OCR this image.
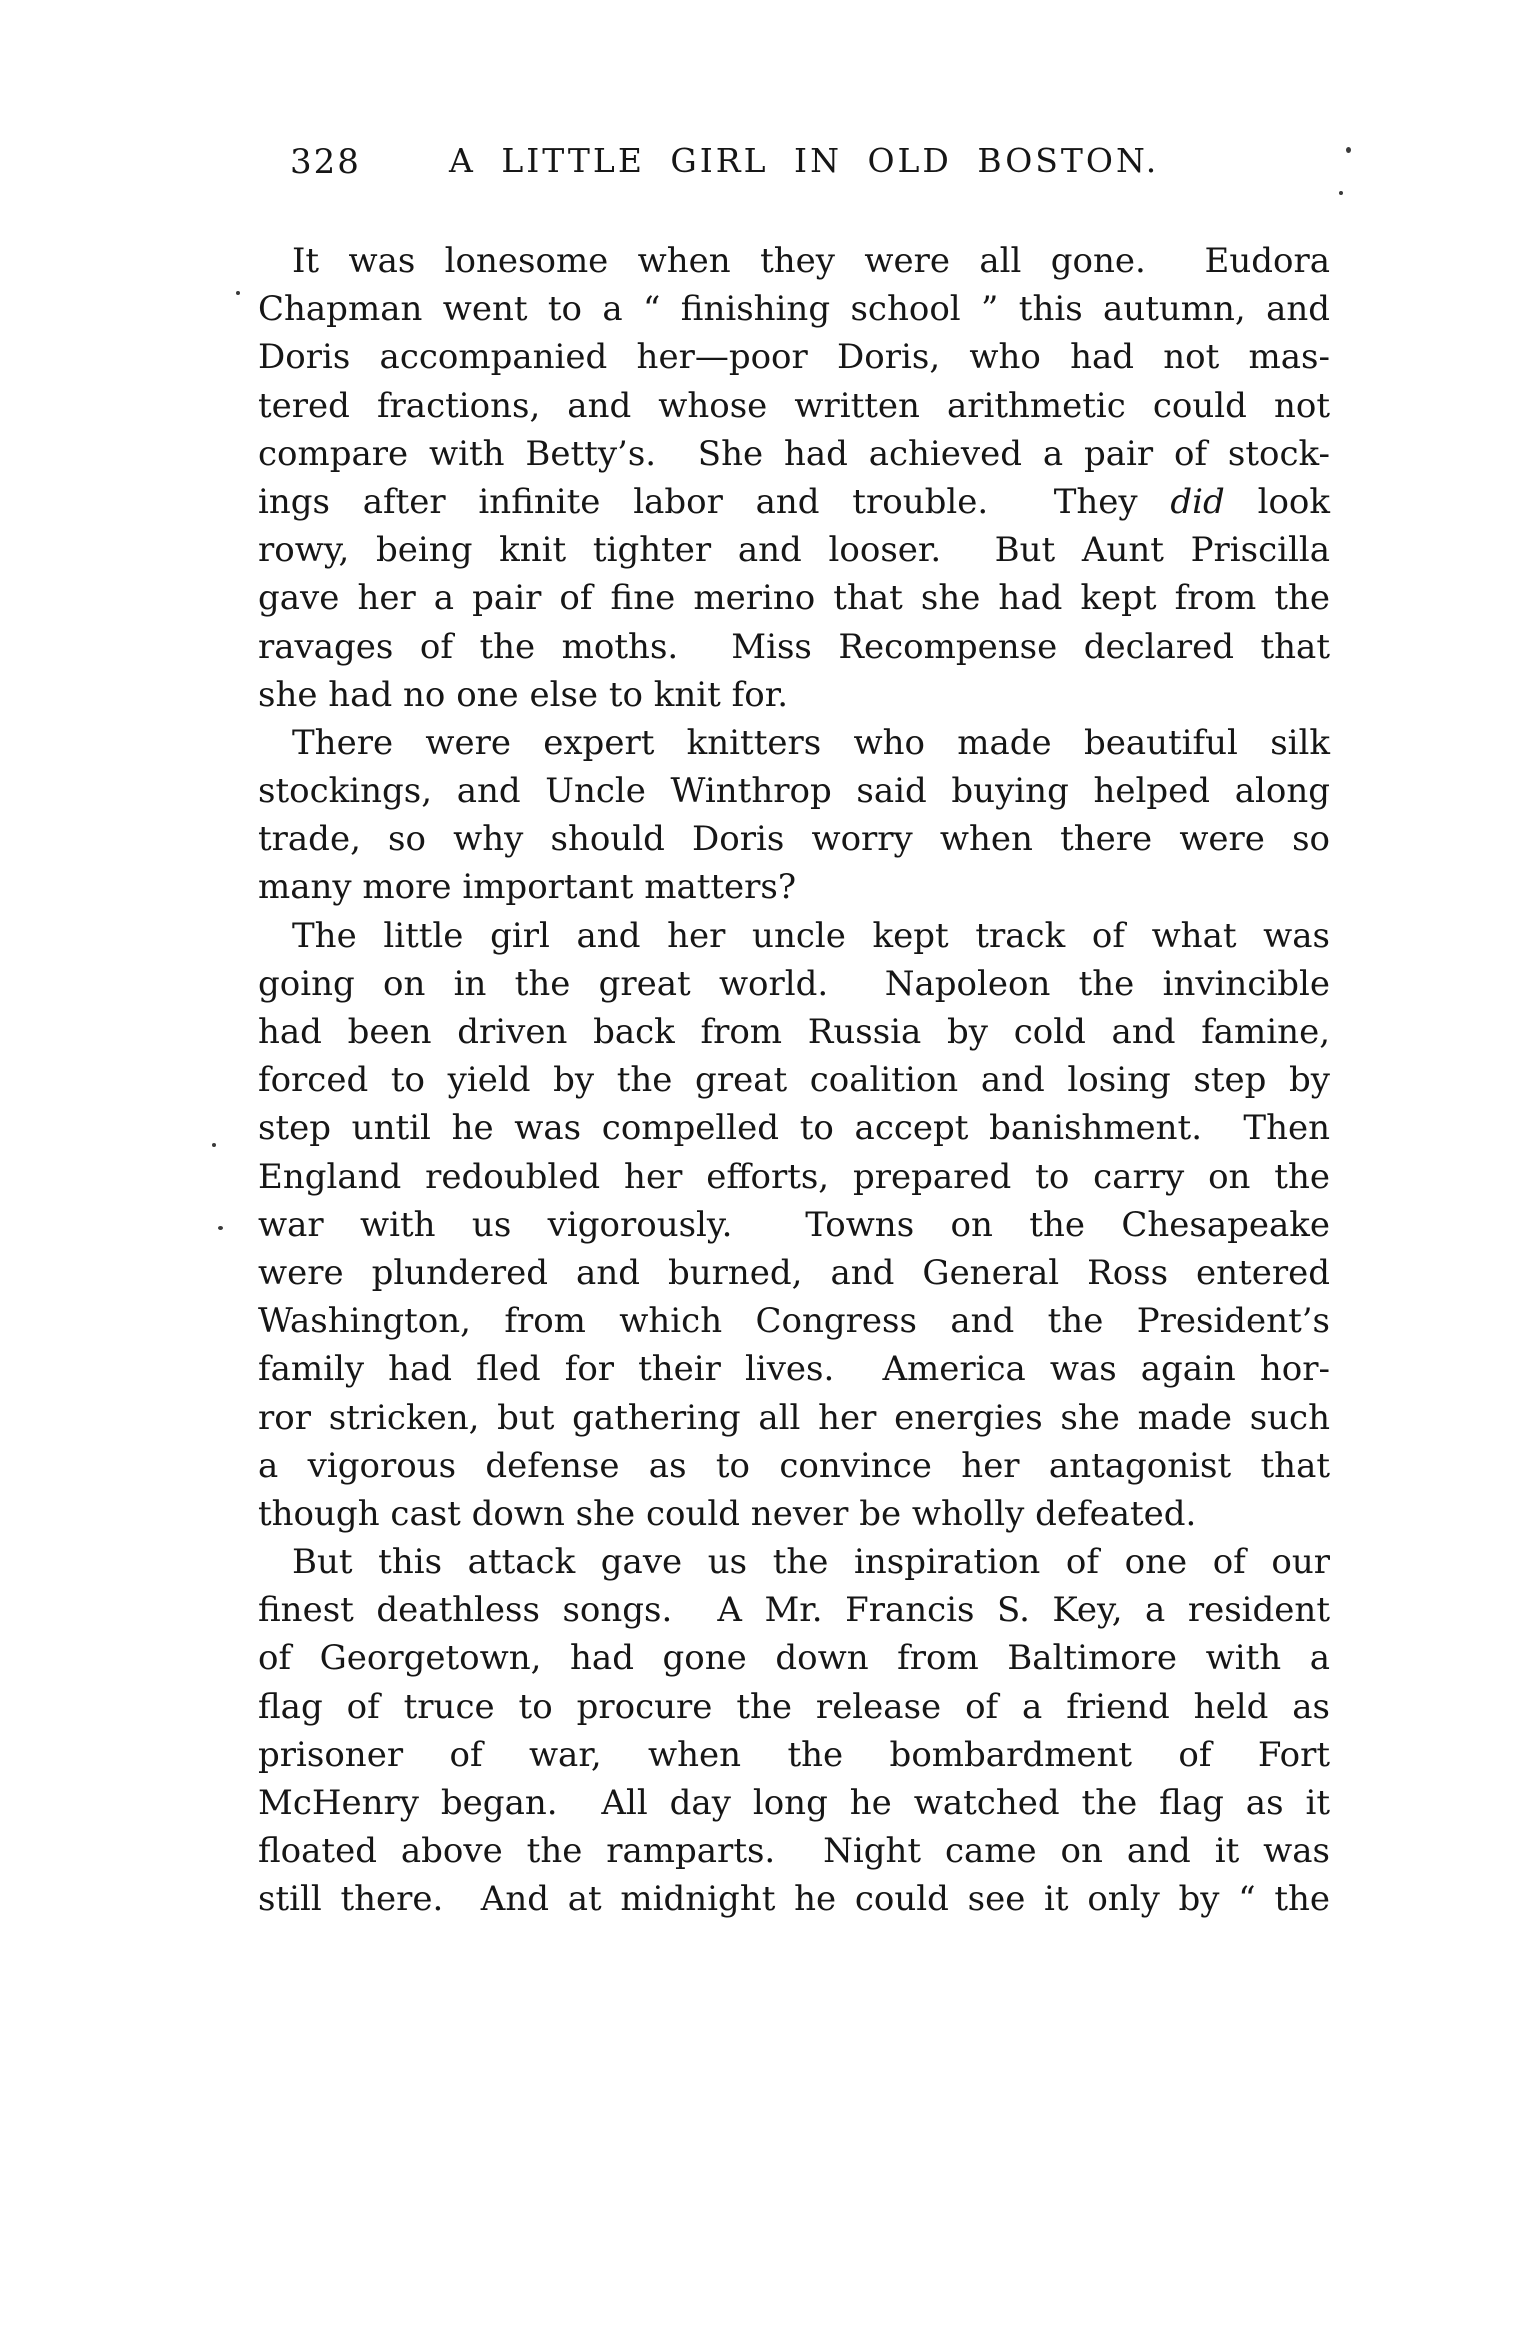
328	A LITTLE GIRL IN OLD BOSTON.
It was lonesome when they were all gone.  Eudora
Chapman went to a “ finishing school ” this autumn, and
Doris accompanied her—poor Doris, who had not mas-
tered fractions, and whose written arithmetic could not
compare with Betty’s.  She had achieved a pair of stock-
ings after infinite labor and trouble.  They did look
rowy, being knit tighter and looser.  But Aunt Priscilla
gave her a pair of fine merino that she had kept from the
ravages of the moths.  Miss Recompense declared that
she had no one else to knit for.
There were expert knitters who made beautiful silk
stockings, and Uncle Winthrop said buying helped along
trade, so why should Doris worry when there were so
many more important matters?
The little girl and her uncle kept track of what was
going on in the great world.  Napoleon the invincible
had been driven back from Russia by cold and famine,
forced to yield by the great coalition and losing step by
step until he was compelled to accept banishment.  Then
England redoubled her efforts, prepared to carry on the
war with us vigorously.  Towns on the Chesapeake
were plundered and burned, and General Ross entered
Washington, from which Congress and the President’s
family had fled for their lives.  America was again hor-
ror stricken, but gathering all her energies she made such
a vigorous defense as to convince her antagonist that
though cast down she could never be wholly defeated.
But this attack gave us the inspiration of one of our
finest deathless songs.  A Mr. Francis S. Key, a resident
of Georgetown, had gone down from Baltimore with a
flag of truce to procure the release of a friend held as
prisoner of war, when the bombardment of Fort
McHenry began.  All day long he watched the flag as it
floated above the ramparts.  Night came on and it was
still there.  And at midnight he could see it only by “ the
